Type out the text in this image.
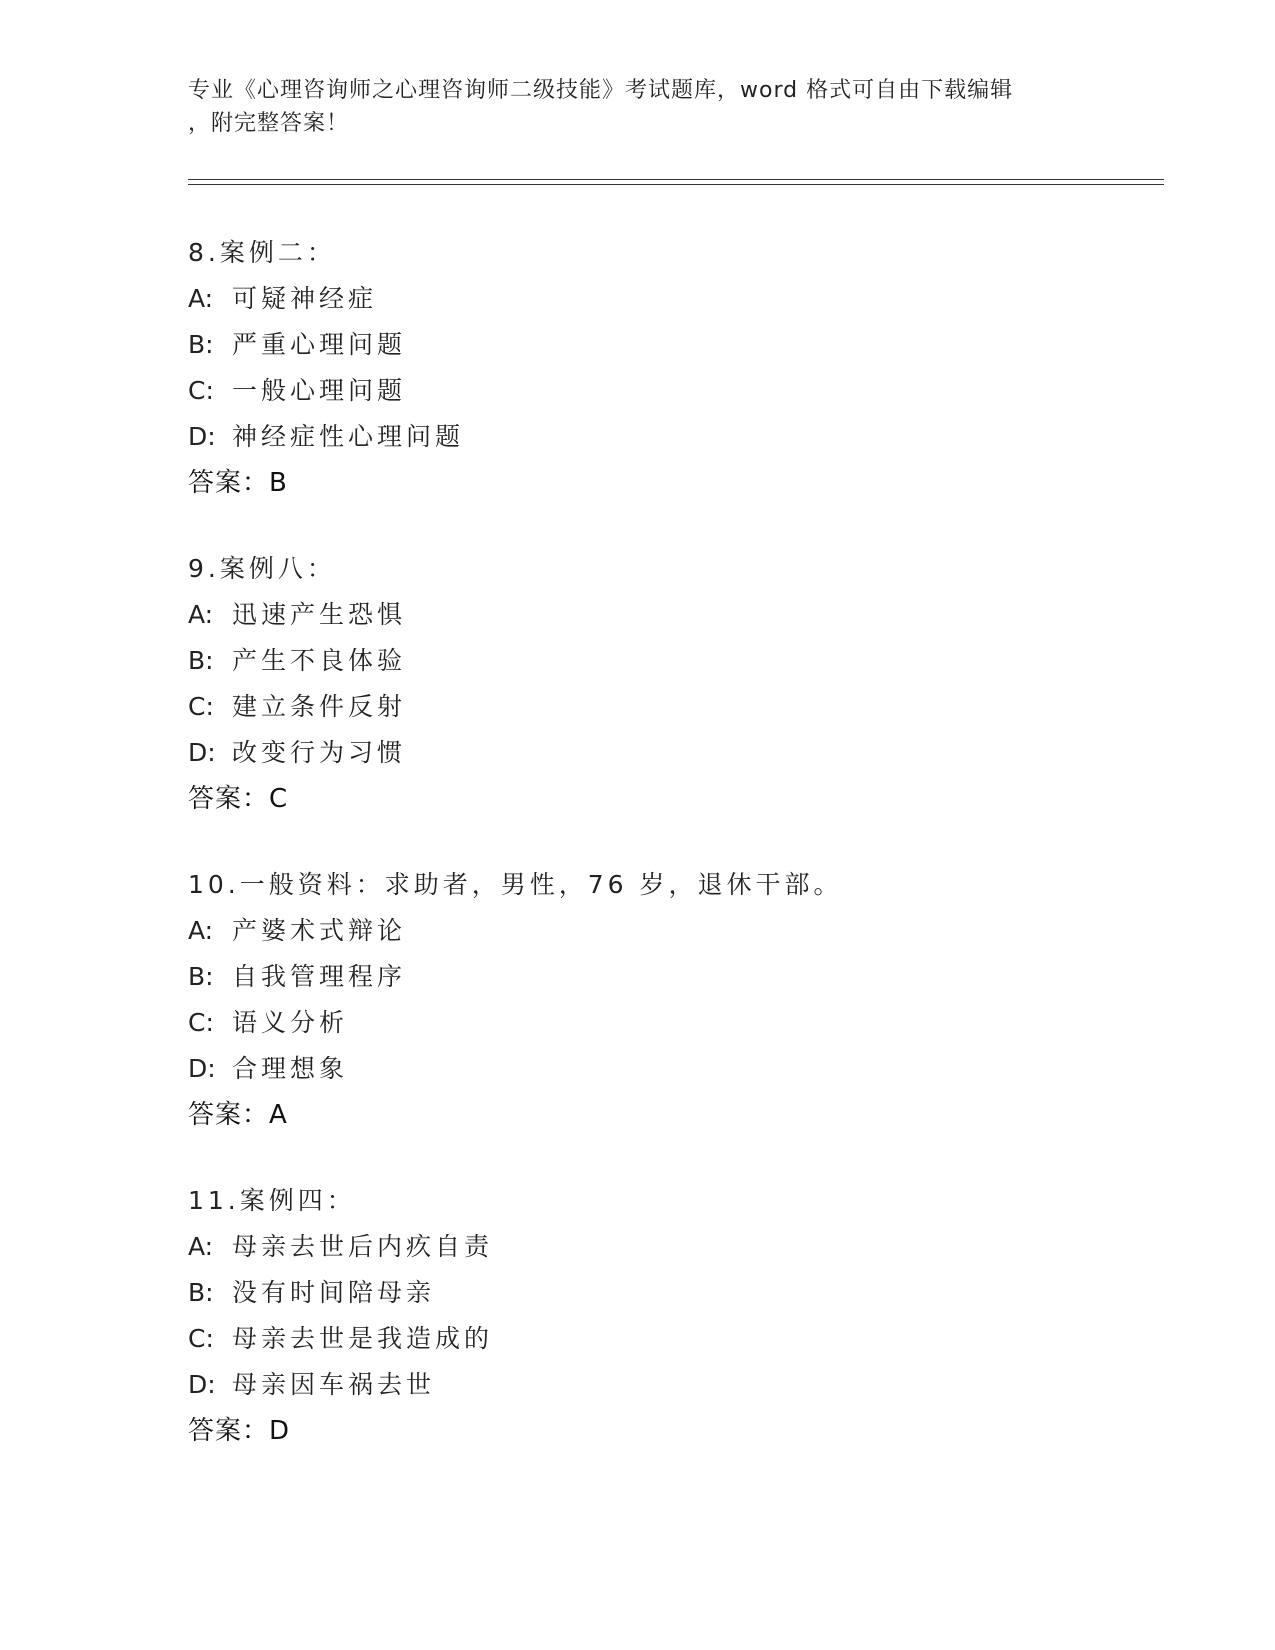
专业《心理咨询师之心理咨询师二级技能》考试题库，word 格式可自由下载编辑
，附完整答案！
8.案例二：
A: 可疑神经症
B: 严重心理问题
C: 一般心理问题
D: 神经症性心理问题
答案：B
9.案例八：
A: 迅速产生恐惧
B: 产生不良体验
C: 建立条件反射
D: 改变行为习惯
答案：C
10.一般资料：求助者，男性，76 岁，退休干部。
A: 产婆术式辩论
B: 自我管理程序
C: 语义分析
D: 合理想象
答案：A
11.案例四：
A: 母亲去世后内疚自责
B: 没有时间陪母亲
C: 母亲去世是我造成的
D: 母亲因车祸去世
答案：D
